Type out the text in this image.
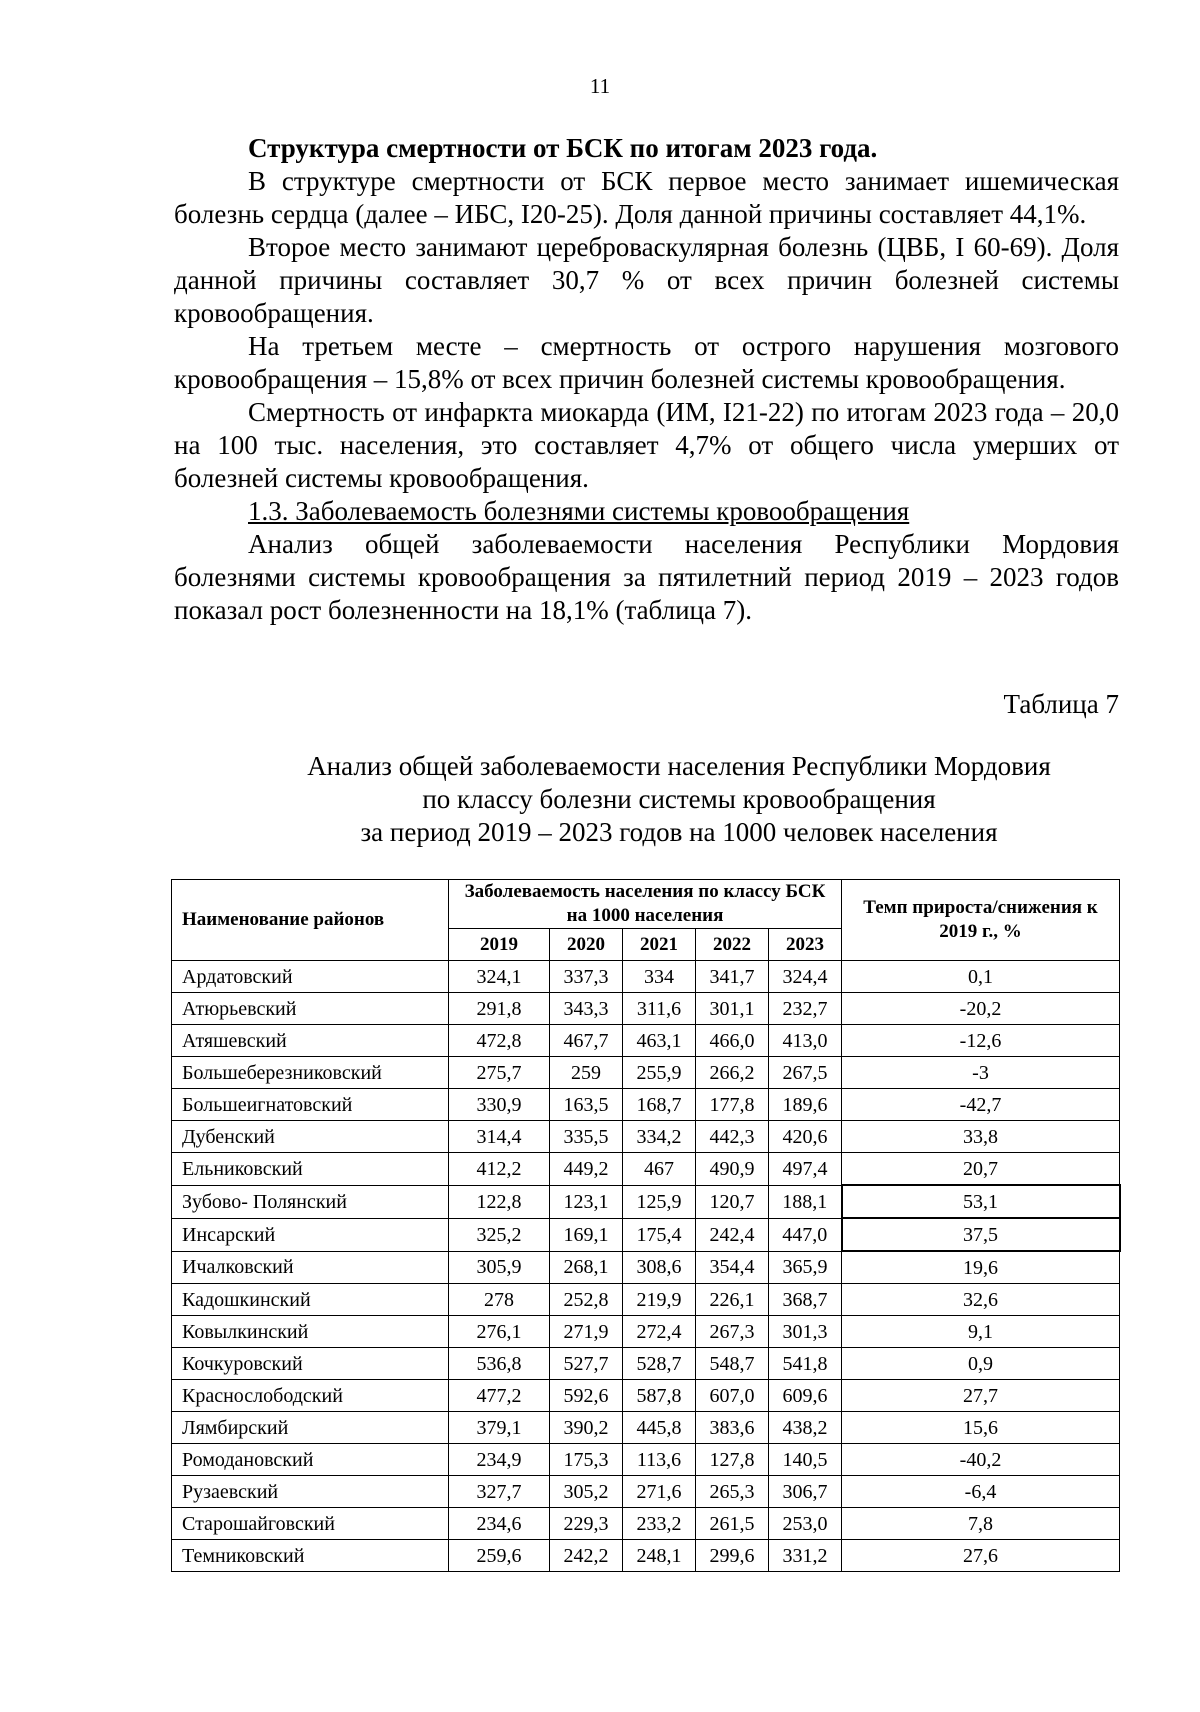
11

Структура смертности от БСК по итогам 2023 года.

В структуре смертности от БСК первое место занимает ишемическая болезнь сердца (далее – ИБС, I20-25). Доля данной причины составляет 44,1%.

Второе место занимают цереброваскулярная болезнь (ЦВБ, I 60-69). Доля данной причины составляет 30,7 % от всех причин болезней системы кровообращения.

На третьем месте – смертность от острого нарушения мозгового кровообращения – 15,8% от всех причин болезней системы кровообращения.

Смертность от инфаркта миокарда (ИМ, I21-22) по итогам 2023 года – 20,0 на 100 тыс. населения, это составляет 4,7% от общего числа умерших от болезней системы кровообращения.

1.3. Заболеваемость болезнями системы кровообращения

Анализ общей заболеваемости населения Республики Мордовия болезнями системы кровообращения за пятилетний период 2019 – 2023 годов показал рост болезненности на 18,1% (таблица 7).

Таблица 7
Анализ общей заболеваемости населения Республики Мордовия
по классу болезни системы кровообращения
за период 2019 – 2023 годов на 1000 человек населения
Наименование районов	Заболеваемость населения по классу БСК на 1000 населения					Темп прироста/снижения к 2019 г., %
	2019	2020	2021	2022	2023	
Ардатовский	324,1	337,3	334	341,7	324,4	0,1
Атюрьевский	291,8	343,3	311,6	301,1	232,7	-20,2
Атяшевский	472,8	467,7	463,1	466,0	413,0	-12,6
Большеберезниковский	275,7	259	255,9	266,2	267,5	-3
Большеигнатовский	330,9	163,5	168,7	177,8	189,6	-42,7
Дубенский	314,4	335,5	334,2	442,3	420,6	33,8
Ельниковский	412,2	449,2	467	490,9	497,4	20,7
Зубово- Полянский	122,8	123,1	125,9	120,7	188,1	53,1
Инсарский	325,2	169,1	175,4	242,4	447,0	37,5
Ичалковский	305,9	268,1	308,6	354,4	365,9	19,6
Кадошкинский	278	252,8	219,9	226,1	368,7	32,6
Ковылкинский	276,1	271,9	272,4	267,3	301,3	9,1
Кочкуровский	536,8	527,7	528,7	548,7	541,8	0,9
Краснослободский	477,2	592,6	587,8	607,0	609,6	27,7
Лямбирский	379,1	390,2	445,8	383,6	438,2	15,6
Ромодановский	234,9	175,3	113,6	127,8	140,5	-40,2
Рузаевский	327,7	305,2	271,6	265,3	306,7	-6,4
Старошайговский	234,6	229,3	233,2	261,5	253,0	7,8
Темниковский	259,6	242,2	248,1	299,6	331,2	27,6
